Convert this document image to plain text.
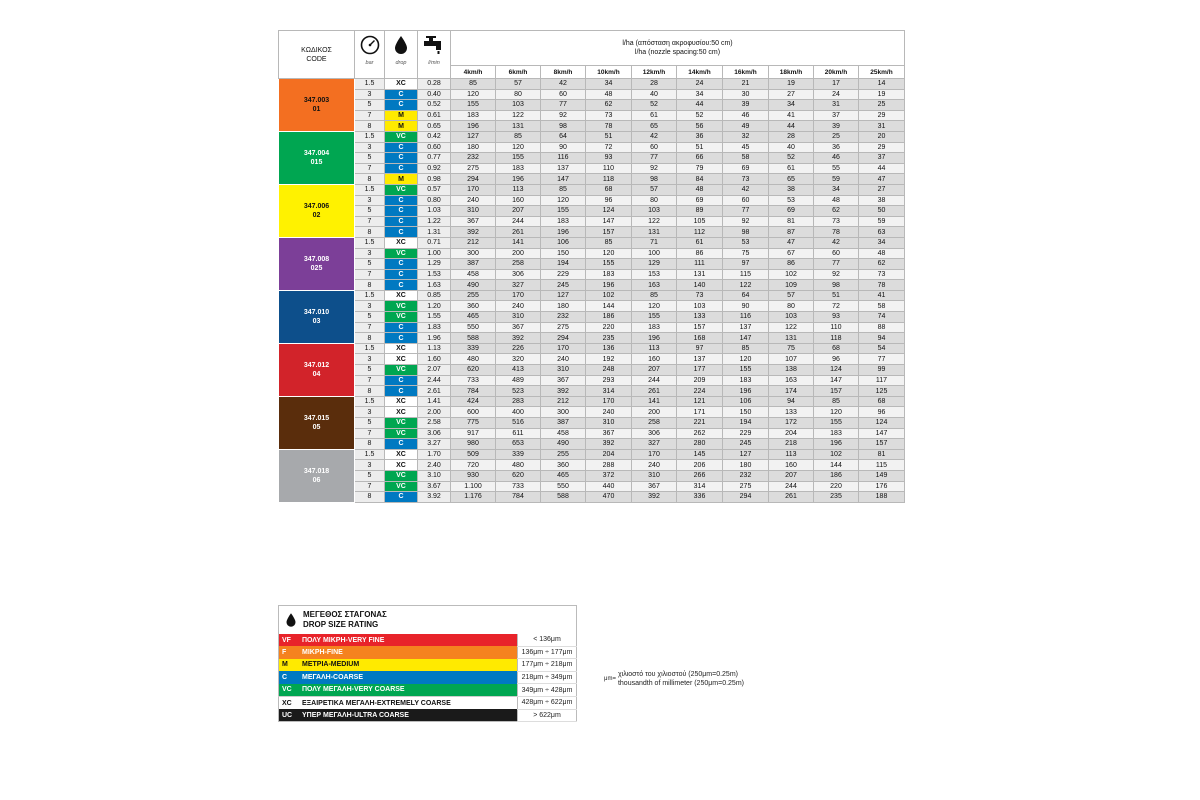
ΚΩΔΙΚΟΣ
CODE	bar	drop	l/min	l/ha (απόσταση ακροφυσίου:50 cm)
l/ha (nozzle spacing:50 cm)									
				4km/h	6km/h	8km/h	10km/h	12km/h	14km/h	16km/h	18km/h	20km/h	25km/h
347.003
01	1.5	XC	0.28	85	57	42	34	28	24	21	19	17	14
	3	C	0.40	120	80	60	48	40	34	30	27	24	19
	5	C	0.52	155	103	77	62	52	44	39	34	31	25
	7	M	0.61	183	122	92	73	61	52	46	41	37	29
	8	M	0.65	196	131	98	78	65	56	49	44	39	31
347.004
015	1.5	VC	0.42	127	85	64	51	42	36	32	28	25	20
	3	C	0.60	180	120	90	72	60	51	45	40	36	29
	5	C	0.77	232	155	116	93	77	66	58	52	46	37
	7	C	0.92	275	183	137	110	92	79	69	61	55	44
	8	M	0.98	294	196	147	118	98	84	73	65	59	47
347.006
02	1.5	VC	0.57	170	113	85	68	57	48	42	38	34	27
	3	C	0.80	240	160	120	96	80	69	60	53	48	38
	5	C	1.03	310	207	155	124	103	89	77	69	62	50
	7	C	1.22	367	244	183	147	122	105	92	81	73	59
	8	C	1.31	392	261	196	157	131	112	98	87	78	63
347.008
025	1.5	XC	0.71	212	141	106	85	71	61	53	47	42	34
	3	VC	1.00	300	200	150	120	100	86	75	67	60	48
	5	C	1.29	387	258	194	155	129	111	97	86	77	62
	7	C	1.53	458	306	229	183	153	131	115	102	92	73
	8	C	1.63	490	327	245	196	163	140	122	109	98	78
347.010
03	1.5	XC	0.85	255	170	127	102	85	73	64	57	51	41
	3	VC	1.20	360	240	180	144	120	103	90	80	72	58
	5	VC	1.55	465	310	232	186	155	133	116	103	93	74
	7	C	1.83	550	367	275	220	183	157	137	122	110	88
	8	C	1.96	588	392	294	235	196	168	147	131	118	94
347.012
04	1.5	XC	1.13	339	226	170	136	113	97	85	75	68	54
	3	XC	1.60	480	320	240	192	160	137	120	107	96	77
	5	VC	2.07	620	413	310	248	207	177	155	138	124	99
	7	C	2.44	733	489	367	293	244	209	183	163	147	117
	8	C	2.61	784	523	392	314	261	224	196	174	157	125
347.015
05	1.5	XC	1.41	424	283	212	170	141	121	106	94	85	68
	3	XC	2.00	600	400	300	240	200	171	150	133	120	96
	5	VC	2.58	775	516	387	310	258	221	194	172	155	124
	7	VC	3.06	917	611	458	367	306	262	229	204	183	147
	8	C	3.27	980	653	490	392	327	280	245	218	196	157
347.018
06	1.5	XC	1.70	509	339	255	204	170	145	127	113	102	81
	3	XC	2.40	720	480	360	288	240	206	180	160	144	115
	5	VC	3.10	930	620	465	372	310	266	232	207	186	149
	7	VC	3.67	1.100	733	550	440	367	314	275	244	220	176
	8	C	3.92	1.176	784	588	470	392	336	294	261	235	188
ΜΕΓΕΘΟΣ ΣΤΑΓΟΝΑΣ
DROP SIZE RATING		
VF	ΠΟΛΥ ΜΙΚΡΗ-VERY FINE	< 136μm
F	ΜΙΚΡΗ-FINE	136μm ÷ 177μm
M	ΜΕΤΡΙΑ-MEDIUM	177μm ÷ 218μm
C	ΜΕΓΑΛΗ-COARSE	218μm ÷ 349μm
VC	ΠΟΛΥ ΜΕΓΑΛΗ-VERY COARSE	349μm ÷ 428μm
XC	ΕΞΑΙΡΕΤΙΚΑ ΜΕΓΑΛΗ-EXTREMELY COARSE	428μm ÷ 622μm
UC	ΥΠΕΡ ΜΕΓΑΛΗ-ULTRA COARSE	> 622μm
μm=
χιλιοστό του χιλιοστού (250μm=0.25m)
thousandth of millimeter (250μm=0.25m)
